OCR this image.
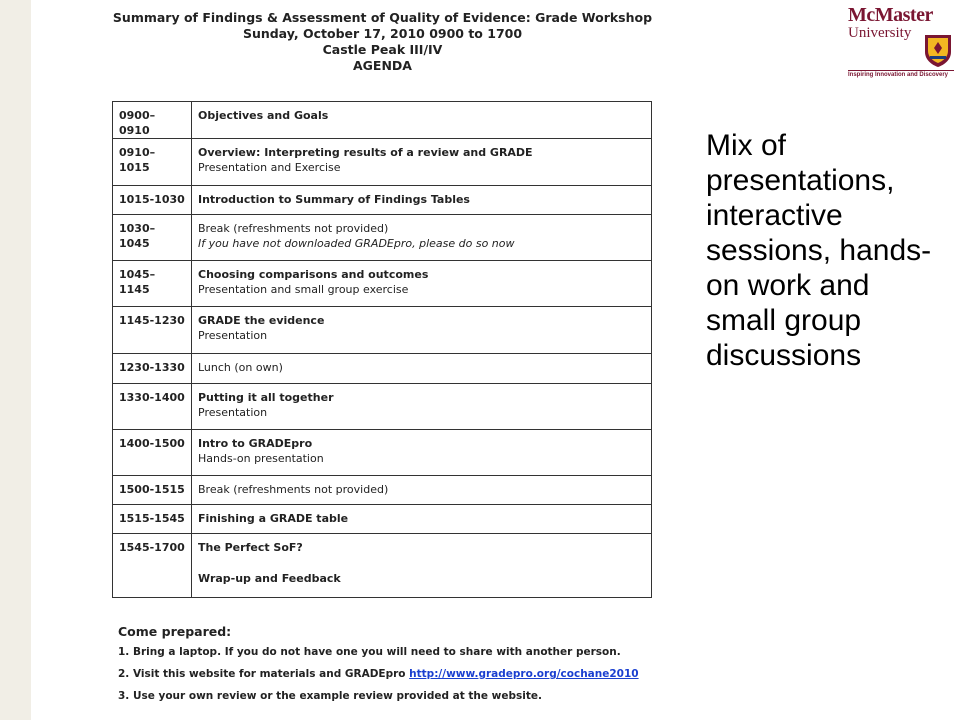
Summary of Findings & Assessment of Quality of Evidence: Grade Workshop
Sunday, October 17, 2010 0900 to 1700
Castle Peak III/IV
AGENDA
0900–0910	Objectives and Goals

0910–1015	Overview: Interpreting results of a review and GRADE
Presentation and Exercise

1015-1030	Introduction to Summary of Findings Tables

1030–1045	Break (refreshments not provided)
If you have not downloaded GRADEpro, please do so now

1045–1145	Choosing comparisons and outcomes
Presentation and small group exercise

1145-1230	GRADE the evidence
Presentation

1230-1330	Lunch (on own)

1330-1400	Putting it all together
Presentation

1400-1500	Intro to GRADEpro
Hands-on presentation

1500-1515	Break (refreshments not provided)

1515-1545	Finishing a GRADE table

1545-1700	The Perfect SoF?
Wrap-up and Feedback
Come prepared:
1. Bring a laptop. If you do not have one you will need to share with another person.
2. Visit this website for materials and GRADEpro http://www.gradepro.org/cochane2010
3. Use your own review or the example review provided at the website.
McMaster
University
Inspiring Innovation and Discovery
Mix of presentations, interactive sessions, hands-on work and small group discussions
